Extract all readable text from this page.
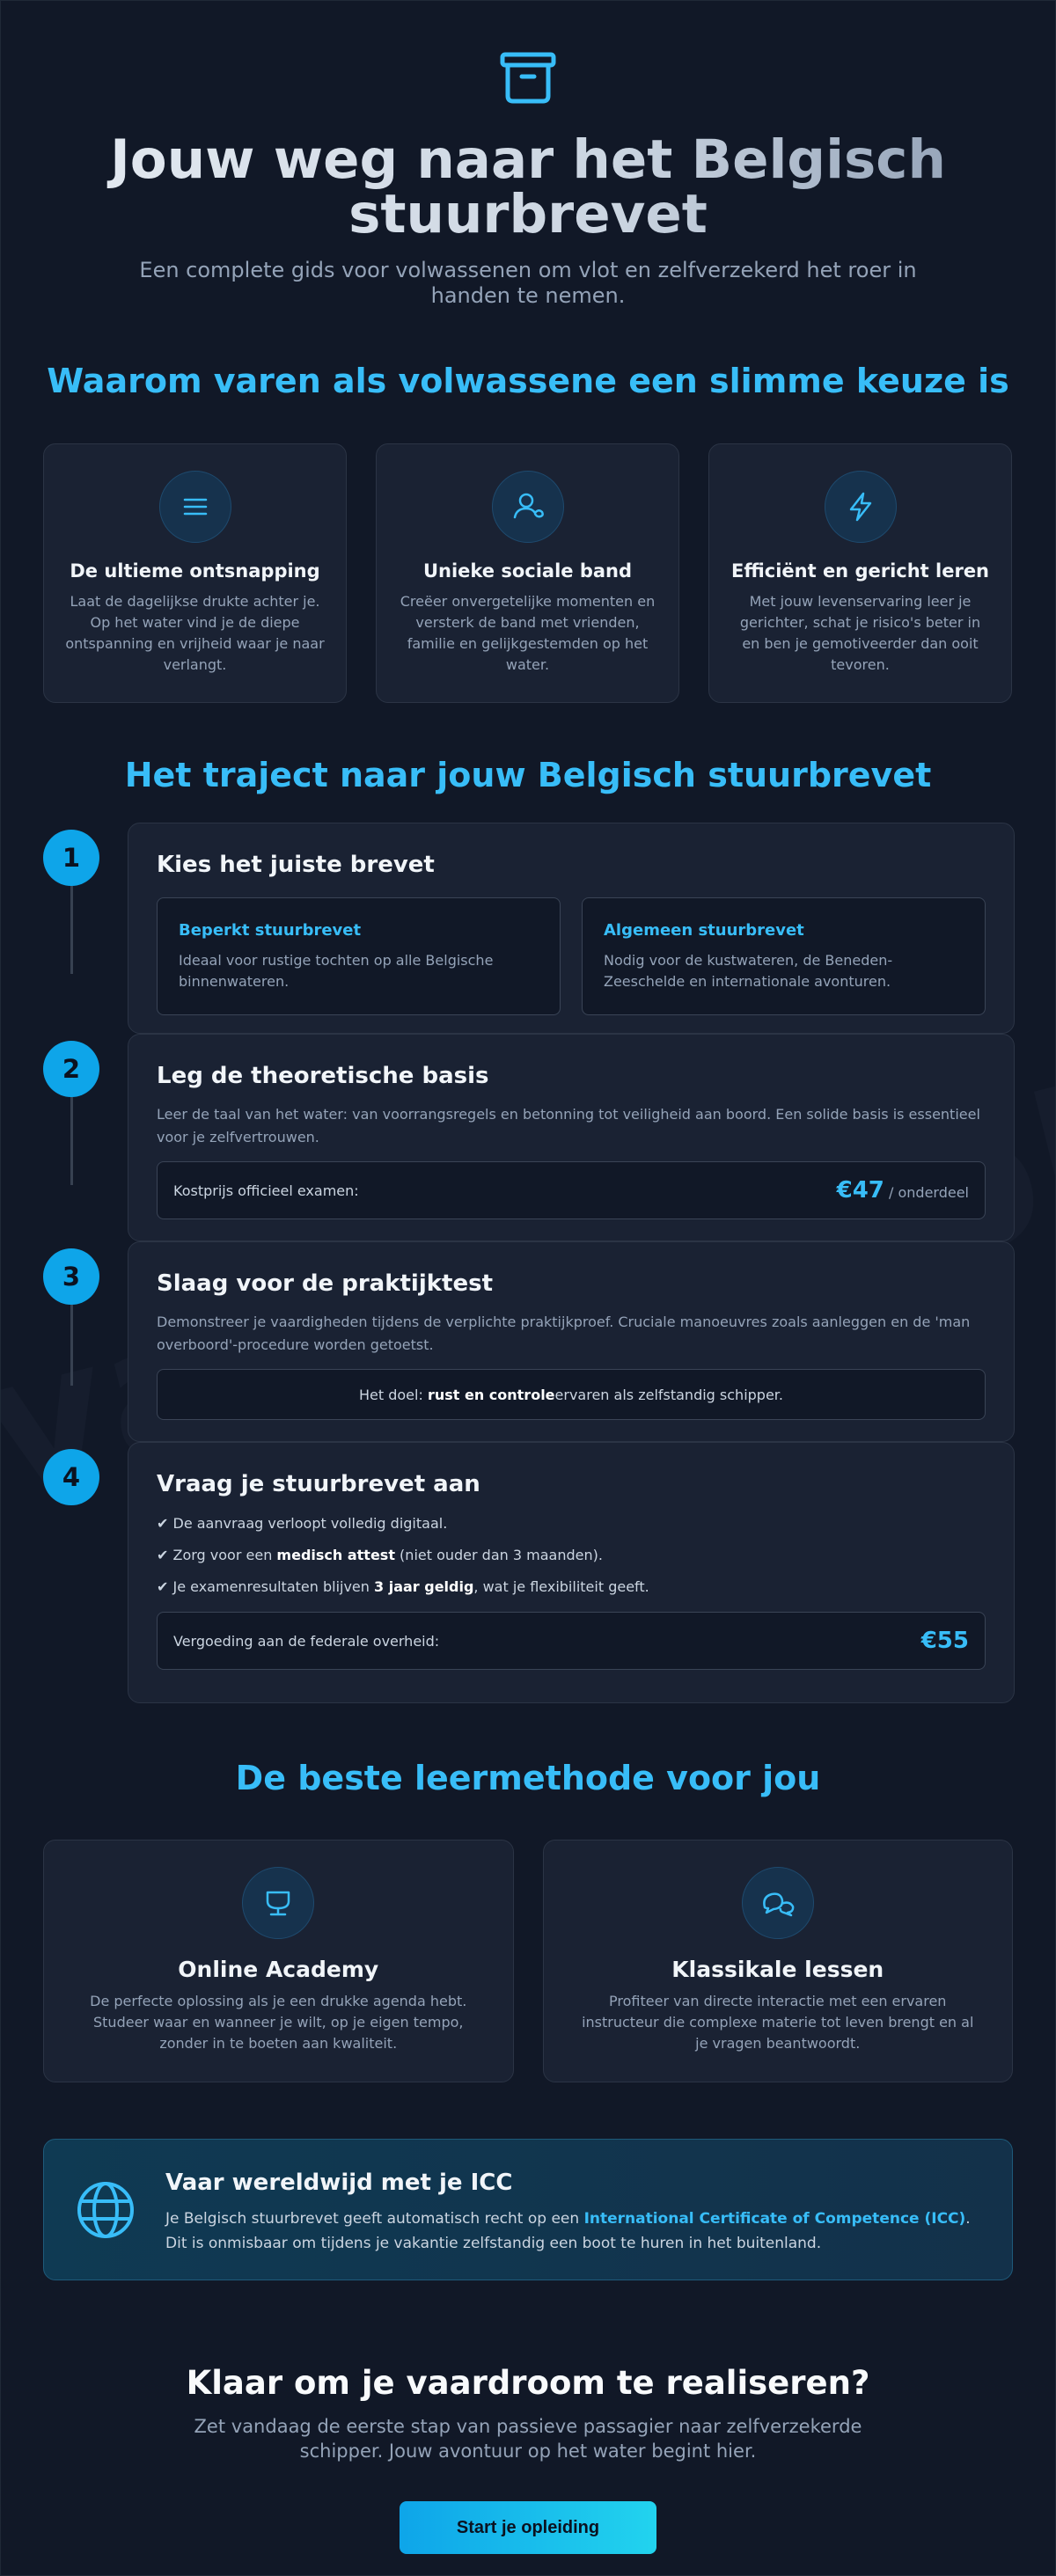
Jouw weg naar het Belgisch stuurbrevet

Een complete gids voor volwassenen om vlot en zelfverzekerd het roer in handen te nemen.

Waarom varen als volwassene een slimme keuze is
De ultieme ontsnapping

Laat de dagelijkse drukte achter je. Op het water vind je de diepe ontspanning en vrijheid waar je naar verlangt.

Unieke sociale band

Creëer onvergetelijke momenten en versterk de band met vrienden, familie en gelijkgestemden op het water.

Efficiënt en gericht leren

Met jouw levenservaring leer je gerichter, schat je risico's beter in en ben je gemotiveerder dan ooit tevoren.

Het traject naar jouw Belgisch stuurbrevet
1	Kies het juiste brevet
Beperkt stuurbrevet

Ideaal voor rustige tochten op alle Belgische binnenwateren.

Algemeen stuurbrevet

Nodig voor de kustwateren, de Beneden-Zeeschelde en internationale avonturen.

2	Leg de theoretische basis

Leer de taal van het water: van voorrangsregels en betonning tot veiligheid aan boord. Een solide basis is essentieel voor je zelfvertrouwen.

Kostprijs officieel examen:	€47 / onderdeel
3	Slaag voor de praktijktest

Demonstreer je vaardigheden tijdens de verplichte praktijkproef. Cruciale manoeuvres zoals aanleggen en de 'man overboord'-procedure worden getoetst.

Het doel:
rust en controle ervaren als zelfstandig schipper.
4	Vraag je stuurbrevet aan
✔ De aanvraag verloopt volledig digitaal.
✔ Zorg voor een medisch attest (niet ouder dan 3 maanden).
✔ Je examenresultaten blijven 3 jaar geldig, wat je flexibiliteit geeft.
Vergoeding aan de federale overheid:	€55
De beste leermethode voor jou
Online Academy

De perfecte oplossing als je een drukke agenda hebt. Studeer waar en wanneer je wilt, op je eigen tempo, zonder in te boeten aan kwaliteit.

Klassikale lessen

Profiteer van directe interactie met een ervaren instructeur die complexe materie tot leven brengt en al je vragen beantwoordt.

Vaar wereldwijd met je ICC

Je Belgisch stuurbrevet geeft automatisch recht op een International Certificate of Competence (ICC). Dit is onmisbaar om tijdens je vakantie zelfstandig een boot te huren in het buitenland.

Klaar om je vaardroom te realiseren?

Zet vandaag de eerste stap van passieve passagier naar zelfverzekerde schipper. Jouw avontuur op het water begint hier.

Start je opleiding
